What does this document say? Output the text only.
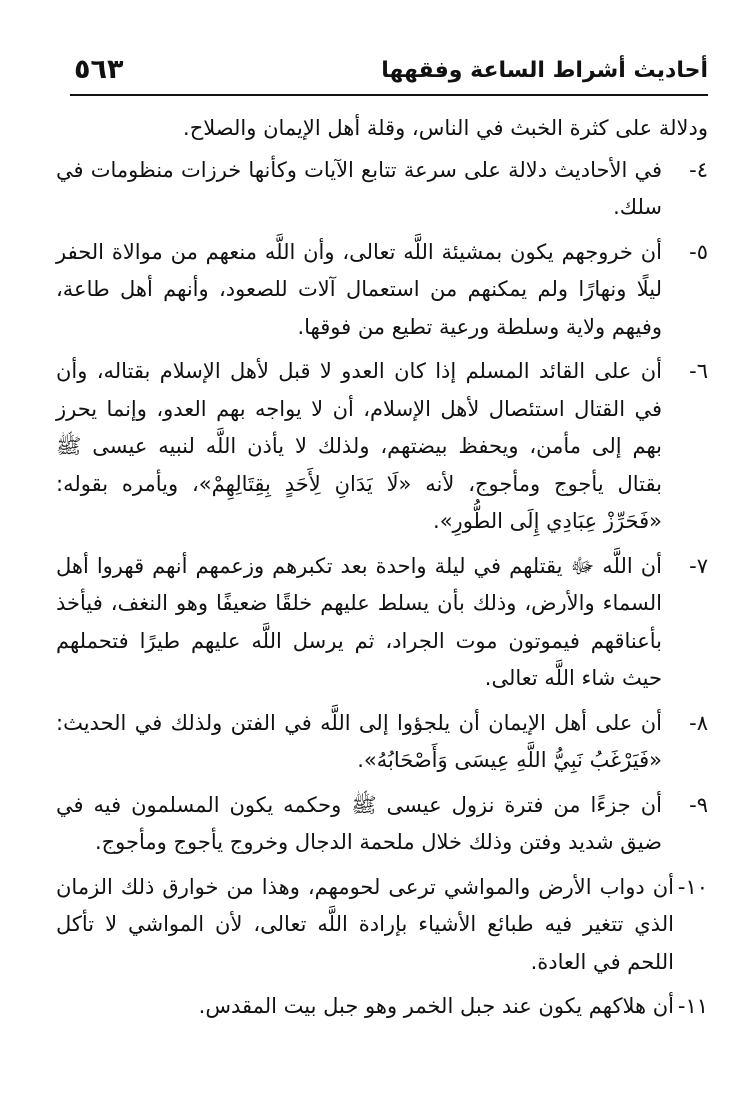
أحاديث أشراط الساعة وفقهها
٥٦٣

ودلالة على كثرة الخبث في الناس، وقلة أهل الإيمان والصلاح.

٤-

في الأحاديث دلالة على سرعة تتابع الآيات وكأنها خرزات منظومات في سلك.

٥-

أن خروجهم يكون بمشيئة اللَّه تعالى، وأن اللَّه منعهم من موالاة الحفر ليلًا ونهارًا ولم يمكنهم من استعمال آلات للصعود، وأنهم أهل طاعة، وفيهم ولاية وسلطة ورعية تطيع من فوقها.

٦-

أن على القائد المسلم إذا كان العدو لا قبل لأهل الإسلام بقتاله، وأن في القتال استئصال لأهل الإسلام، أن لا يواجه بهم العدو، وإنما يحرز بهم إلى مأمن، ويحفظ بيضتهم، ولذلك لا يأذن اللَّه لنبيه عيسى ﷺ بقتال يأجوج ومأجوج، لأنه «لَا يَدَانِ لِأَحَدٍ بِقِتَالِهِمْ»، ويأمره بقوله: «فَحَرِّزْ عِبَادِي إِلَى الطُّورِ».

٧-

أن اللَّه ﷻ يقتلهم في ليلة واحدة بعد تكبرهم وزعمهم أنهم قهروا أهل السماء والأرض، وذلك بأن يسلط عليهم خلقًا ضعيفًا وهو النغف، فيأخذ بأعناقهم فيموتون موت الجراد، ثم يرسل اللَّه عليهم طيرًا فتحملهم حيث شاء اللَّه تعالى.

٨-

أن على أهل الإيمان أن يلجؤوا إلى اللَّه في الفتن ولذلك في الحديث: «فَيَرْغَبُ نَبِيُّ اللَّهِ عِيسَى وَأَصْحَابُهُ».

٩-

أن جزءًا من فترة نزول عيسى ﷺ وحكمه يكون المسلمون فيه في ضيق شديد وفتن وذلك خلال ملحمة الدجال وخروج يأجوج ومأجوج.

١٠-

أن دواب الأرض والمواشي ترعى لحومهم، وهذا من خوارق ذلك الزمان الذي تتغير فيه طبائع الأشياء بإرادة اللَّه تعالى، لأن المواشي لا تأكل اللحم في العادة.

١١-

أن هلاكهم يكون عند جبل الخمر وهو جبل بيت المقدس.
